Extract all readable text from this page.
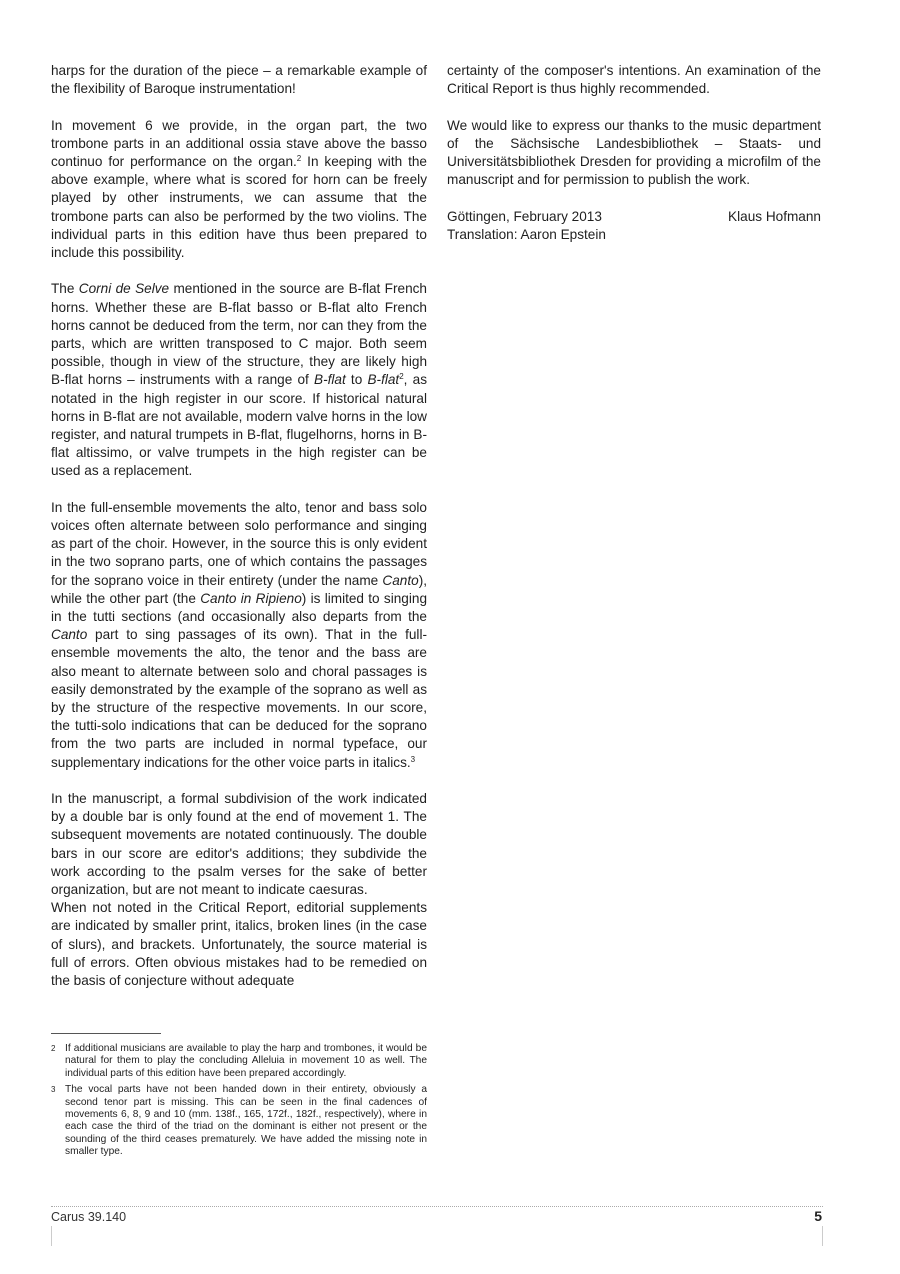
harps for the duration of the piece – a remarkable example of the flexibility of Baroque instrumentation!

In movement 6 we provide, in the organ part, the two trombone parts in an additional ossia stave above the basso continuo for performance on the organ.$^2$ In keeping with the above example, where what is scored for horn can be freely played by other instruments, we can assume that the trombone parts can also be performed by the two violins. The individual parts in this edition have thus been prepared to include this possibility.

The Corni de Selve mentioned in the source are B-flat French horns. Whether these are B-flat basso or B-flat alto French horns cannot be deduced from the term, nor can they from the parts, which are written transposed to C major. Both seem possible, though in view of the structure, they are likely high B-flat horns – instruments with a range of B-flat to B-flat$^2$, as notated in the high register in our score. If historical natural horns in B-flat are not available, modern valve horns in the low register, and natural trumpets in B-flat, flugelhorns, horns in B-flat altissimo, or valve trumpets in the high register can be used as a replacement.

In the full-ensemble movements the alto, tenor and bass solo voices often alternate between solo performance and singing as part of the choir. However, in the source this is only evident in the two soprano parts, one of which contains the passages for the soprano voice in their entirety (under the name Canto), while the other part (the Canto in Ripieno) is limited to singing in the tutti sections (and occasionally also departs from the Canto part to sing passages of its own). That in the full-ensemble movements the alto, the tenor and the bass are also meant to alternate between solo and choral passages is easily demonstrated by the example of the soprano as well as by the structure of the respective movements. In our score, the tutti-solo indications that can be deduced for the soprano from the two parts are included in normal typeface, our supplementary indications for the other voice parts in italics.$^3$

In the manuscript, a formal subdivision of the work indicated by a double bar is only found at the end of movement 1. The subsequent movements are notated continuously. The double bars in our score are editor's additions; they subdivide the work according to the psalm verses for the sake of better organization, but are not meant to indicate caesuras.

When not noted in the Critical Report, editorial supplements are indicated by smaller print, italics, broken lines (in the case of slurs), and brackets. Unfortunately, the source material is full of errors. Often obvious mistakes had to be remedied on the basis of conjecture without adequate

certainty of the composer's intentions. An examination of the Critical Report is thus highly recommended.

We would like to express our thanks to the music department of the Sächsische Landesbibliothek – Staats- und Universitätsbibliothek Dresden for providing a microfilm of the manuscript and for permission to publish the work.

Göttingen, February 2013	Klaus Hofmann
Translation: Aaron Epstein
2 If additional musicians are available to play the harp and trombones, it would be natural for them to play the concluding Alleluia in movement 10 as well. The individual parts of this edition have been prepared accordingly.
3 The vocal parts have not been handed down in their entirety, obviously a second tenor part is missing. This can be seen in the final cadences of movements 6, 8, 9 and 10 (mm. 138f., 165, 172f., 182f., respectively), where in each case the third of the triad on the dominant is either not present or the sounding of the third ceases prematurely. We have added the missing note in smaller type.
Carus 39.140	5
